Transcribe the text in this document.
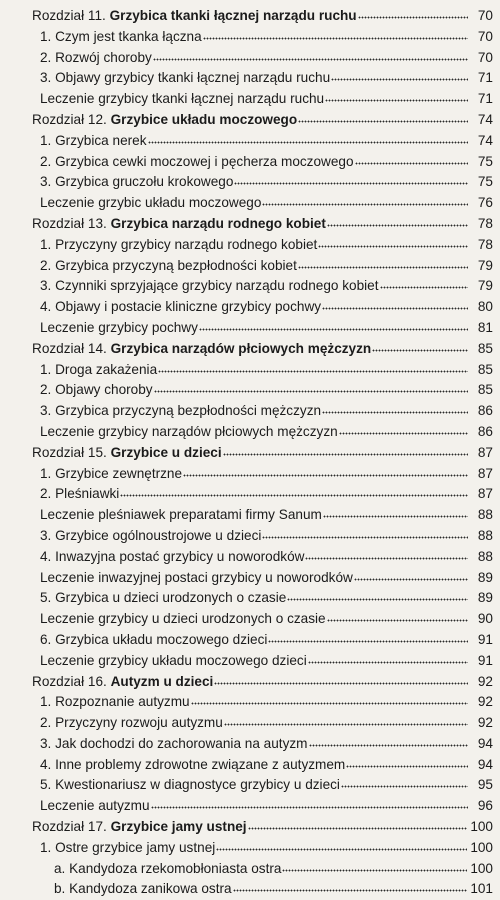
Rozdział 11. Grzybica tkanki łącznej narządu ruchu	70
1. Czym jest tkanka łączna	70
2. Rozwój choroby	70
3. Objawy grzybicy tkanki łącznej narządu ruchu	71
Leczenie grzybicy tkanki łącznej narządu ruchu	71
Rozdział 12. Grzybice układu moczowego	74
1. Grzybica nerek	74
2. Grzybica cewki moczowej i pęcherza moczowego	75
3. Grzybica gruczołu krokowego	75
Leczenie grzybic układu moczowego	76
Rozdział 13. Grzybica narządu rodnego kobiet	78
1. Przyczyny grzybicy narządu rodnego kobiet	78
2. Grzybica przyczyną bezpłodności kobiet	79
3. Czynniki sprzyjające grzybicy narządu rodnego kobiet	79
4. Objawy i postacie kliniczne grzybicy pochwy	80
Leczenie grzybicy pochwy	81
Rozdział 14. Grzybica narządów płciowych mężczyzn	85
1. Droga zakażenia	85
2. Objawy choroby	85
3. Grzybica przyczyną bezpłodności mężczyzn	86
Leczenie grzybicy narządów płciowych mężczyzn	86
Rozdział 15. Grzybice u dzieci	87
1. Grzybice zewnętrzne	87
2. Pleśniawki	87
Leczenie pleśniawek preparatami firmy Sanum	88
3. Grzybice ogólnoustrojowe u dzieci	88
4. Inwazyjna postać grzybicy u noworodków	88
Leczenie inwazyjnej postaci grzybicy u noworodków	89
5. Grzybica u dzieci urodzonych o czasie	89
Leczenie grzybicy u dzieci urodzonych o czasie	90
6. Grzybica układu moczowego dzieci	91
Leczenie grzybicy układu moczowego dzieci	91
Rozdział 16. Autyzm u dzieci	92
1. Rozpoznanie autyzmu	92
2. Przyczyny rozwoju autyzmu	92
3. Jak dochodzi do zachorowania na autyzm	94
4. Inne problemy zdrowotne związane z autyzmem	94
5. Kwestionariusz w diagnostyce grzybicy u dzieci	95
Leczenie autyzmu	96
Rozdział 17. Grzybice jamy ustnej	100
1. Ostre grzybice jamy ustnej	100
a. Kandydoza rzekomobłoniasta ostra	100
b. Kandydoza zanikowa ostra	101
